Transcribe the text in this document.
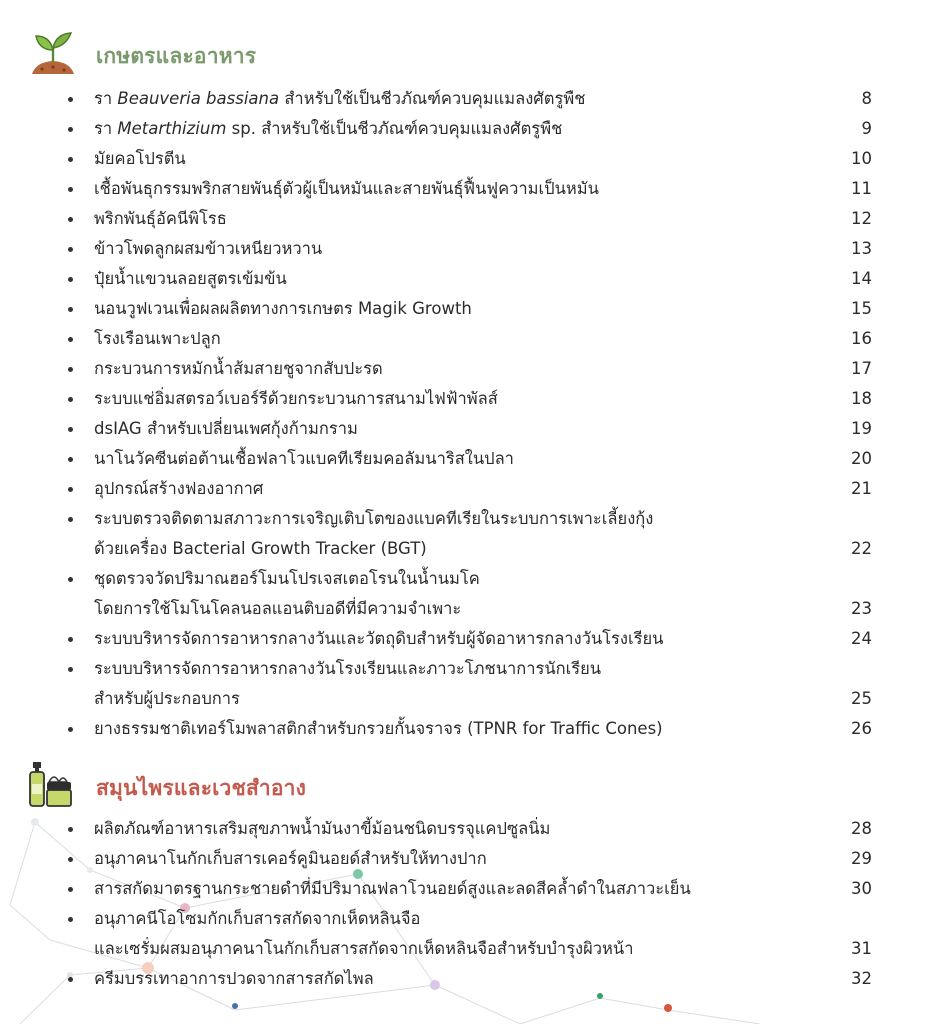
เกษตรและอาหาร
รา Beauveria bassiana สำหรับใช้เป็นชีวภัณฑ์ควบคุมแมลงศัตรูพืช	8
รา Metarthizium sp. สำหรับใช้เป็นชีวภัณฑ์ควบคุมแมลงศัตรูพืช	9
มัยคอโปรตีน	10
เชื้อพันธุกรรมพริกสายพันธุ์ตัวผู้เป็นหมันและสายพันธุ์ฟื้นฟูความเป็นหมัน	11
พริกพันธุ์อัคนีพิโรธ	12
ข้าวโพดลูกผสมข้าวเหนียวหวาน	13
ปุ๋ยน้ำแขวนลอยสูตรเข้มข้น	14
นอนวูฟเวนเพื่อผลผลิตทางการเกษตร Magik Growth	15
โรงเรือนเพาะปลูก	16
กระบวนการหมักน้ำส้มสายชูจากสับปะรด	17
ระบบแช่อิ่มสตรอว์เบอร์รีด้วยกระบวนการสนามไฟฟ้าพัลส์	18
dsIAG สำหรับเปลี่ยนเพศกุ้งก้ามกราม	19
นาโนวัคซีนต่อต้านเชื้อฟลาโวแบคทีเรียมคอลัมนาริสในปลา	20
อุปกรณ์สร้างฟองอากาศ	21
ระบบตรวจติดตามสภาวะการเจริญเติบโตของแบคทีเรียในระบบการเพาะเลี้ยงกุ้ง
ด้วยเครื่อง Bacterial Growth Tracker (BGT)	22
ชุดตรวจวัดปริมาณฮอร์โมนโปรเจสเตอโรนในน้ำนมโค
โดยการใช้โมโนโคลนอลแอนติบอดีที่มีความจำเพาะ	23
ระบบบริหารจัดการอาหารกลางวันและวัตถุดิบสำหรับผู้จัดอาหารกลางวันโรงเรียน	24
ระบบบริหารจัดการอาหารกลางวันโรงเรียนและภาวะโภชนาการนักเรียน
สำหรับผู้ประกอบการ	25
ยางธรรมชาติเทอร์โมพลาสติกสำหรับกรวยกั้นจราจร (TPNR for Traffic Cones)	26
สมุนไพรและเวชสำอาง
ผลิตภัณฑ์อาหารเสริมสุขภาพน้ำมันงาขี้ม้อนชนิดบรรจุแคปซูลนิ่ม	28
อนุภาคนาโนกักเก็บสารเคอร์คูมินอยด์สำหรับให้ทางปาก	29
สารสกัดมาตรฐานกระชายดำที่มีปริมาณฟลาโวนอยด์สูงและลดสีคล้ำดำในสภาวะเย็น	30
อนุภาคนีโอโซมกักเก็บสารสกัดจากเห็ดหลินจือ
และเซรั่มผสมอนุภาคนาโนกักเก็บสารสกัดจากเห็ดหลินจือสำหรับบำรุงผิวหน้า	31
ครีมบรรเทาอาการปวดจากสารสกัดไพล	32
